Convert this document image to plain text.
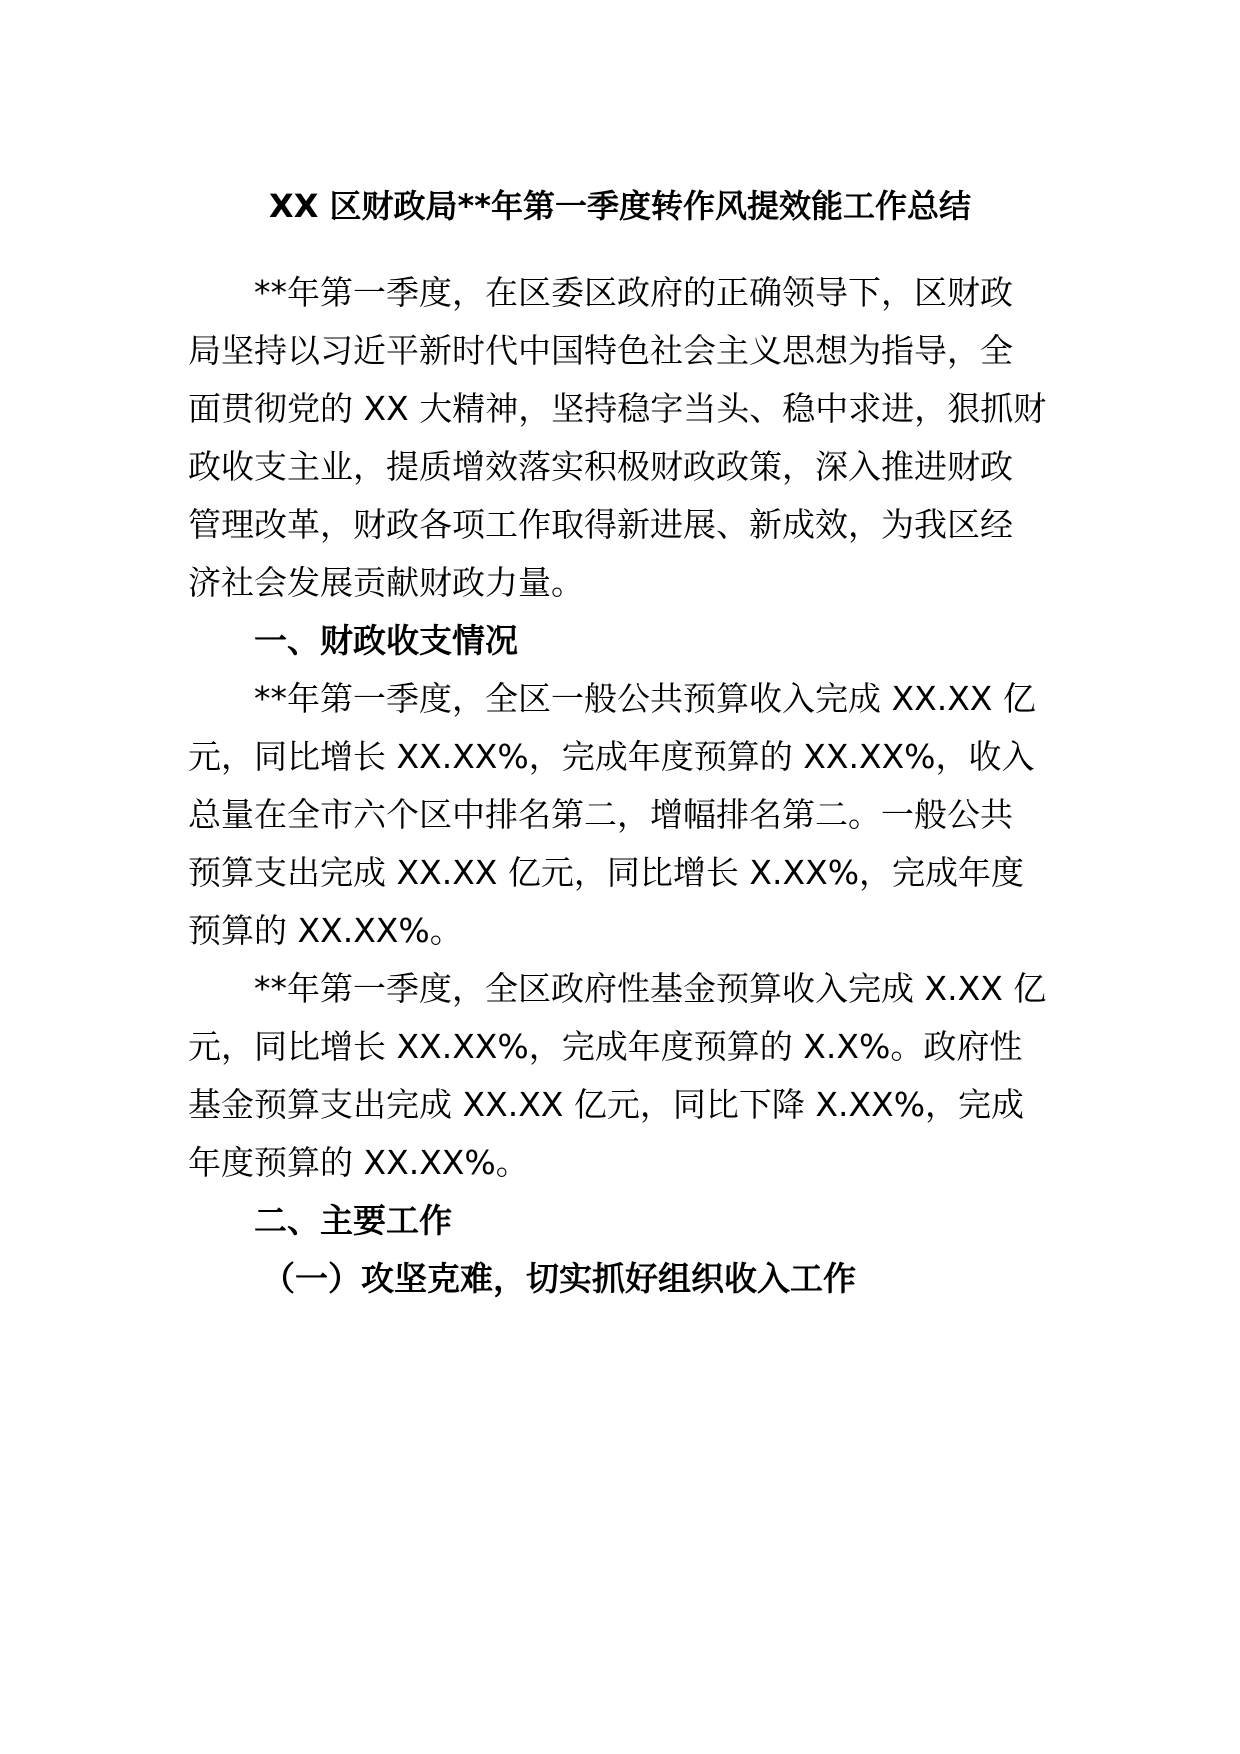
XX 区财政局**年第一季度转作风提效能工作总结
**年第一季度，在区委区政府的正确领导下，区财政
局坚持以习近平新时代中国特色社会主义思想为指导，全
面贯彻党的 XX 大精神，坚持稳字当头、稳中求进，狠抓财
政收支主业，提质增效落实积极财政政策，深入推进财政
管理改革，财政各项工作取得新进展、新成效，为我区经
济社会发展贡献财政力量。
一、财政收支情况
**年第一季度，全区一般公共预算收入完成 XX.XX 亿
元，同比增长 XX.XX%，完成年度预算的 XX.XX%，收入
总量在全市六个区中排名第二，增幅排名第二。一般公共
预算支出完成 XX.XX 亿元，同比增长 X.XX%，完成年度
预算的 XX.XX%。
**年第一季度，全区政府性基金预算收入完成 X.XX 亿
元，同比增长 XX.XX%，完成年度预算的 X.X%。政府性
基金预算支出完成 XX.XX 亿元，同比下降 X.XX%，完成
年度预算的 XX.XX%。
二、主要工作
（一）攻坚克难，切实抓好组织收入工作
